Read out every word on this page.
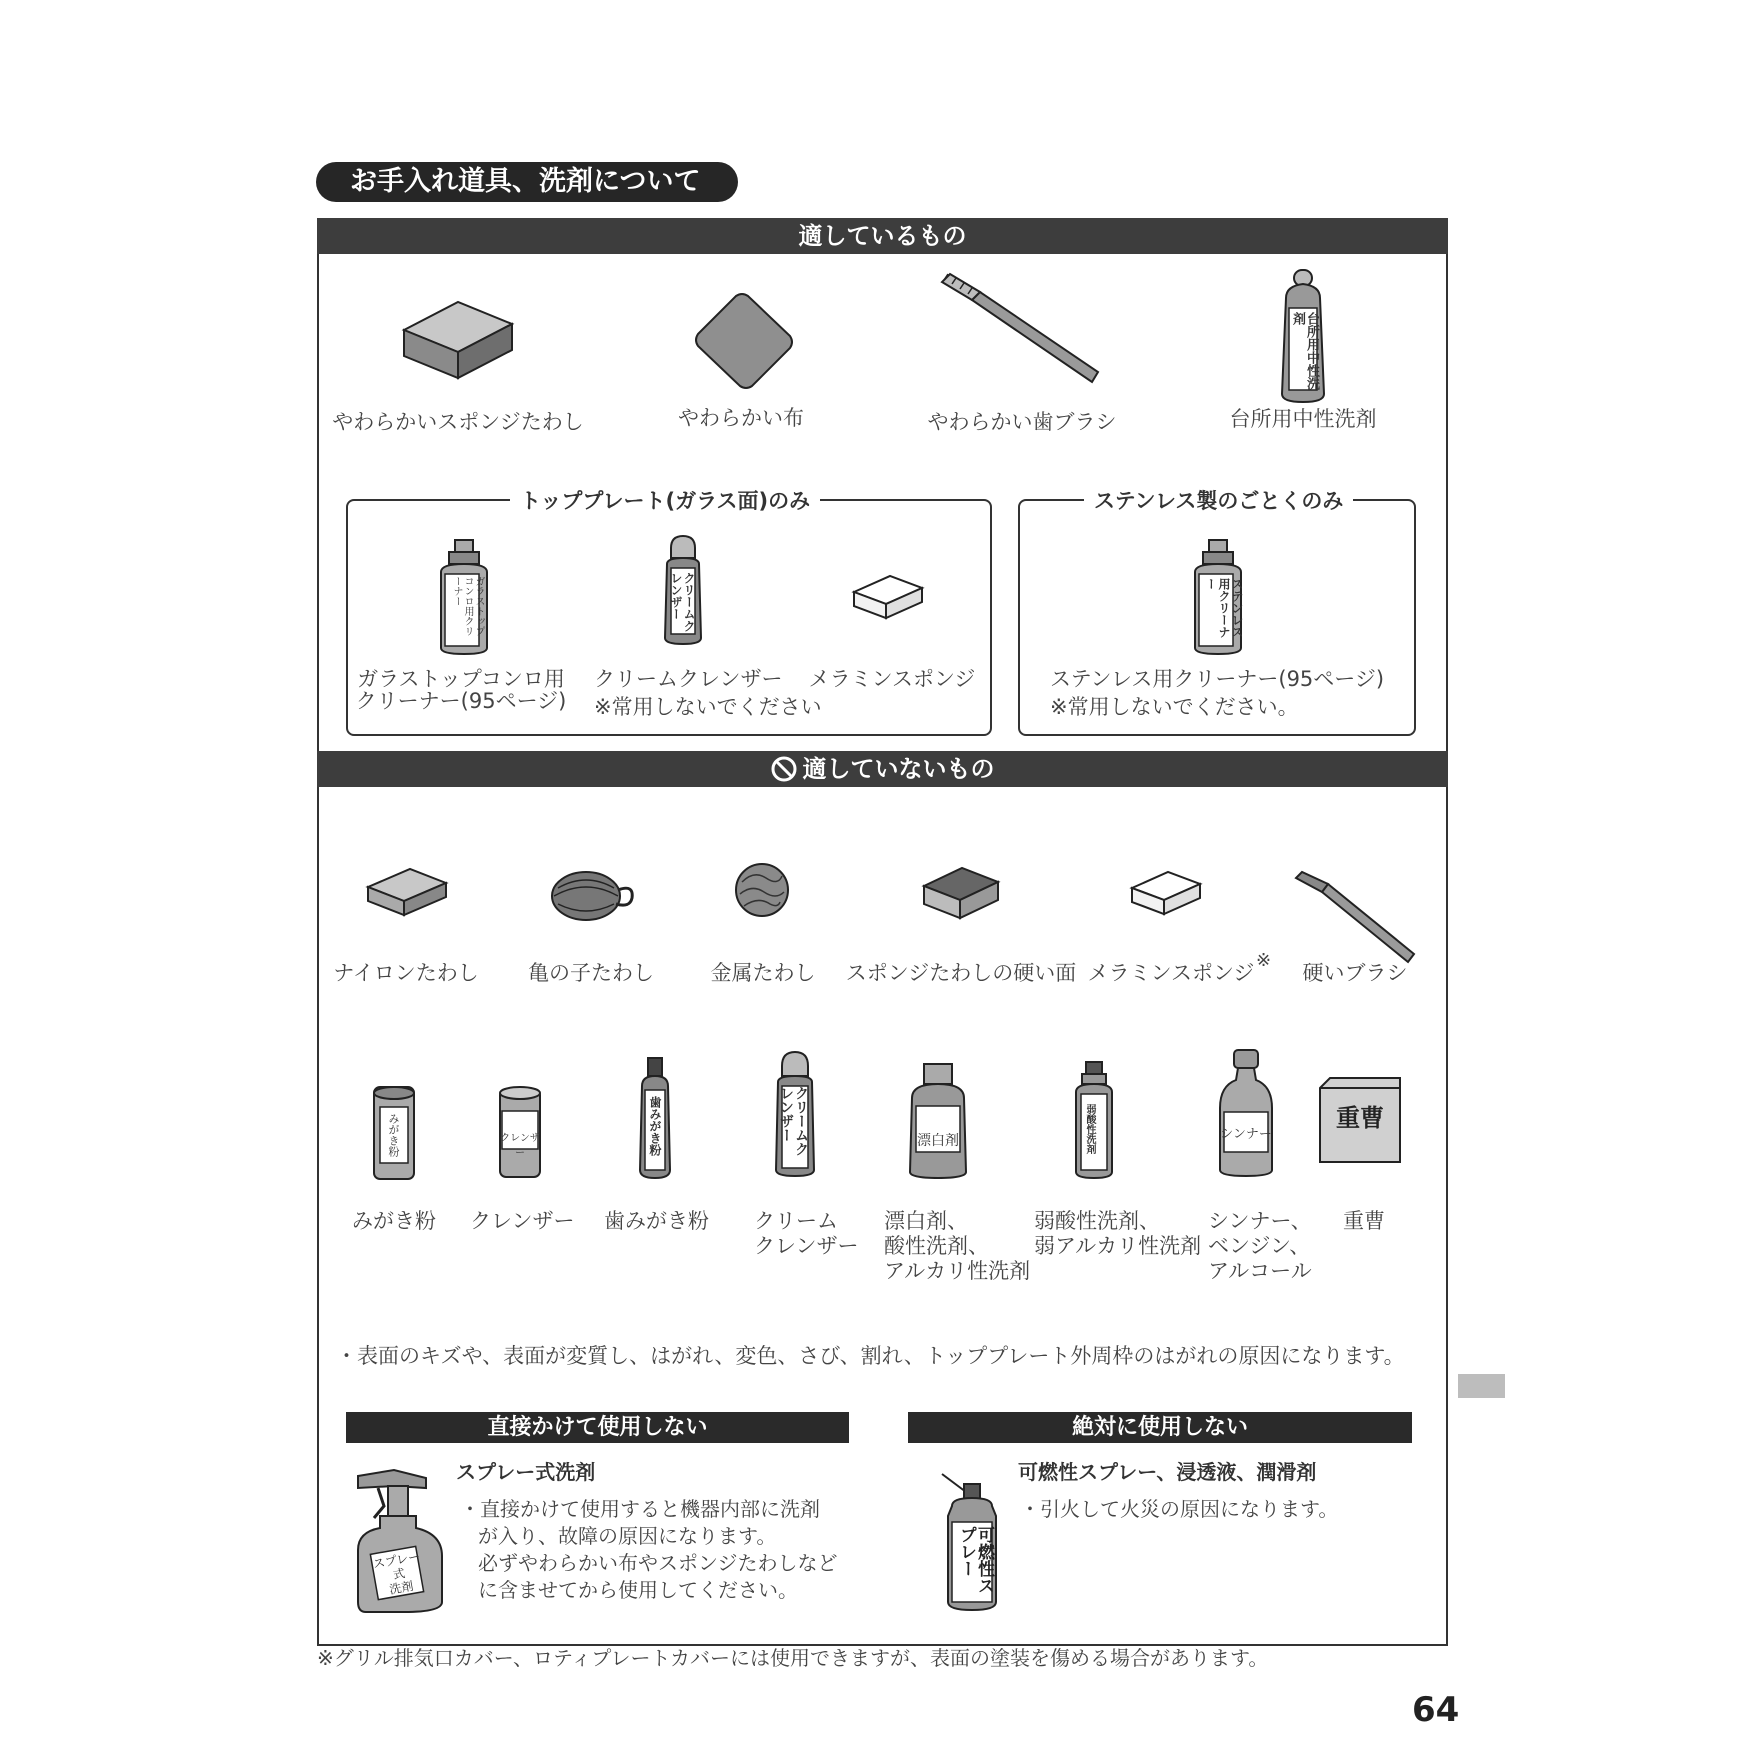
お手入れ道具、洗剤について
適しているもの
台所用中性洗剤
やわらかいスポンジたわし	やわらかい布	やわらかい歯ブラシ	台所用中性洗剤
トッププレート(ガラス面)のみ
ガラストップコンロ用クリーナー	クリームクレンザー
ガラストップコンロ用
クリーナー(95ページ)
クリームクレンザー
※常用しないでください
メラミンスポンジ
ステンレス製のごとくのみ
ステンレス用クリーナー
ステンレス用クリーナー(95ページ)
※常用しないでください。
適していないもの
ナイロンたわし 亀の子たわし	金属たわし スポンジたわしの硬い面 メラミンスポンジ
※
硬いブラシ
みがき粉	クレンザー	歯みがき粉	クリームクレンザー	漂白剤	弱酸性洗剤	シンナー
重曹
みがき粉 クレンザー 歯みがき粉 クリーム
クレンザー
漂白剤、
酸性洗剤、
アルカリ性洗剤
弱酸性洗剤、
弱アルカリ性洗剤
シンナー、
ベンジン、
アルコール
重曹
・表面のキズや、表面が変質し、はがれ、変色、さび、割れ、トッププレート外周枠のはがれの原因になります。
直接かけて使用しない	絶対に使用しない
スプレー式
洗剤
スプレー式洗剤
・直接かけて使用すると機器内部に洗剤
が入り、故障の原因になります。
必ずやわらかい布やスポンジたわしなど
に含ませてから使用してください。	可燃性スプレー
可燃性スプレー、浸透液、潤滑剤
・引火して火災の原因になります。
※グリル排気口カバー、ロティプレートカバーには使用できますが、表面の塗装を傷める場合があります。
64
